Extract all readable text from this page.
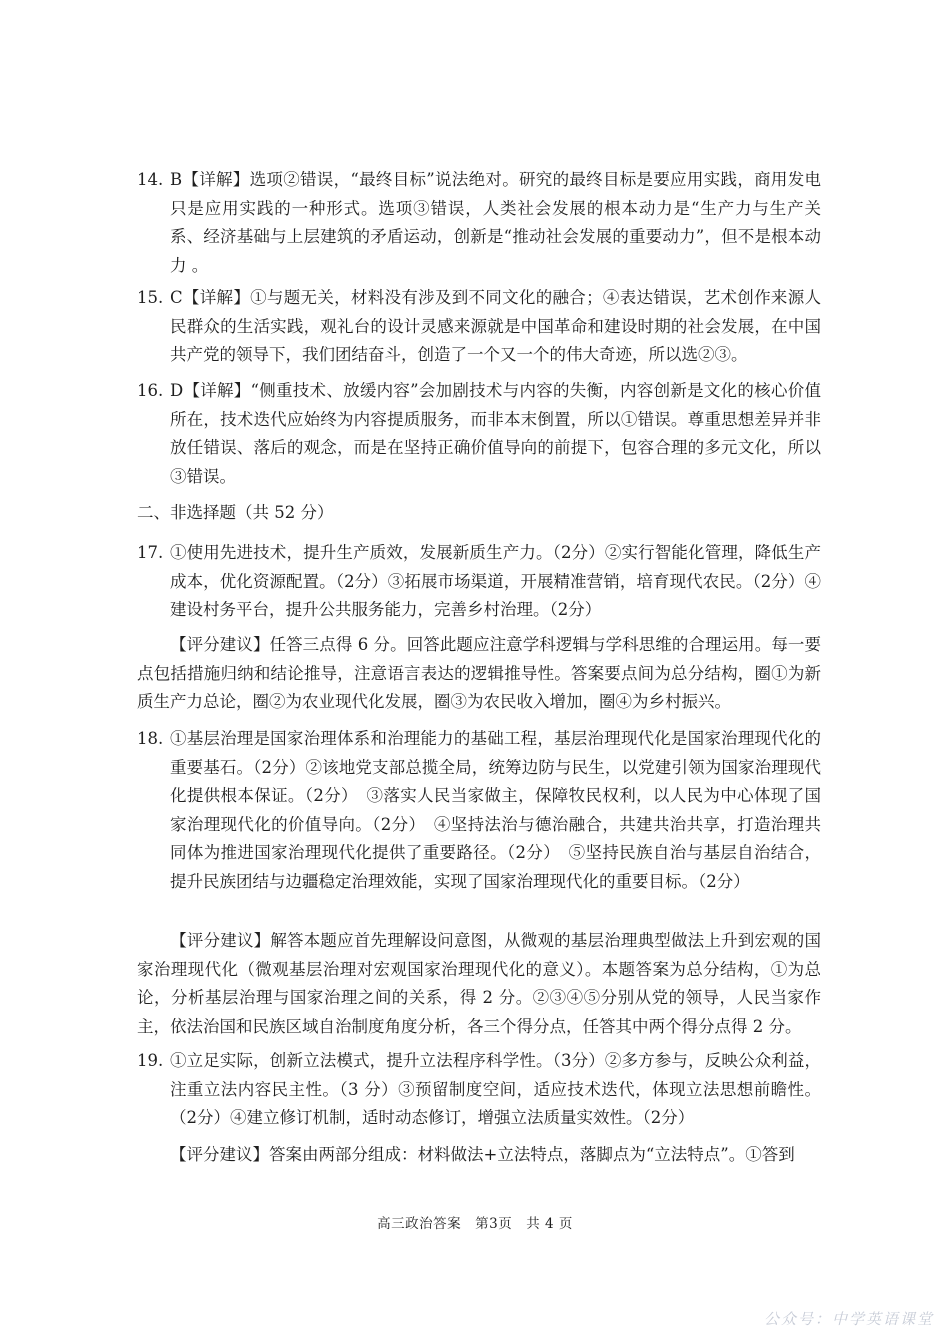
14. B【详解】选项②错误，“最终目标”说法绝对。研究的最终目标是要应用实践，商用发电只是应用实践的一种形式。选项③错误，人类社会发展的根本动力是“生产力与生产关系、经济基础与上层建筑的矛盾运动，创新是“推动社会发展的重要动力”，但不是根本动力 。
15. C【详解】①与题无关，材料没有涉及到不同文化的融合；④表达错误，艺术创作来源人民群众的生活实践，观礼台的设计灵感来源就是中国革命和建设时期的社会发展，在中国共产党的领导下，我们团结奋斗，创造了一个又一个的伟大奇迹，所以选②③。
16. D【详解】“侧重技术、放缓内容”会加剧技术与内容的失衡，内容创新是文化的核心价值所在，技术迭代应始终为内容提质服务，而非本末倒置，所以①错误。尊重思想差异并非放任错误、落后的观念，而是在坚持正确价值导向的前提下，包容合理的多元文化，所以③错误。
二、非选择题（共 52 分）
17. ①使用先进技术，提升生产质效，发展新质生产力。（2分）②实行智能化管理，降低生产成本，优化资源配置。（2分）③拓展市场渠道，开展精准营销，培育现代农民。（2分）④建设村务平台，提升公共服务能力，完善乡村治理。（2分）
【评分建议】任答三点得 6 分。回答此题应注意学科逻辑与学科思维的合理运用。每一要点包括措施归纳和结论推导，注意语言表达的逻辑推导性。答案要点间为总分结构，圈①为新质生产力总论，圈②为农业现代化发展，圈③为农民收入增加，圈④为乡村振兴。
18. ①基层治理是国家治理体系和治理能力的基础工程，基层治理现代化是国家治理现代化的重要基石。（2分）②该地党支部总揽全局，统筹边防与民生，以党建引领为国家治理现代化提供根本保证。（2分）　③落实人民当家做主，保障牧民权利，以人民为中心体现了国家治理现代化的价值导向。（2分）　④坚持法治与德治融合，共建共治共享，打造治理共同体为推进国家治理现代化提供了重要路径。（2分）　⑤坚持民族自治与基层自治结合，提升民族团结与边疆稳定治理效能，实现了国家治理现代化的重要目标。（2分）
【评分建议】解答本题应首先理解设问意图，从微观的基层治理典型做法上升到宏观的国家治理现代化（微观基层治理对宏观国家治理现代化的意义）。本题答案为总分结构，①为总论，分析基层治理与国家治理之间的关系，得 2 分。②③④⑤分别从党的领导，人民当家作主，依法治国和民族区域自治制度角度分析，各三个得分点，任答其中两个得分点得 2 分。
19. ①立足实际，创新立法模式，提升立法程序科学性。（3分）②多方参与，反映公众利益，注重立法内容民主性。（3 分）③预留制度空间，适应技术迭代，体现立法思想前瞻性。（2分）④建立修订机制，适时动态修订，增强立法质量实效性。（2分）
【评分建议】答案由两部分组成：材料做法+立法特点，落脚点为“立法特点”。①答到
高三政治答案　第3页　共 4 页
公众号：中学英语课堂
